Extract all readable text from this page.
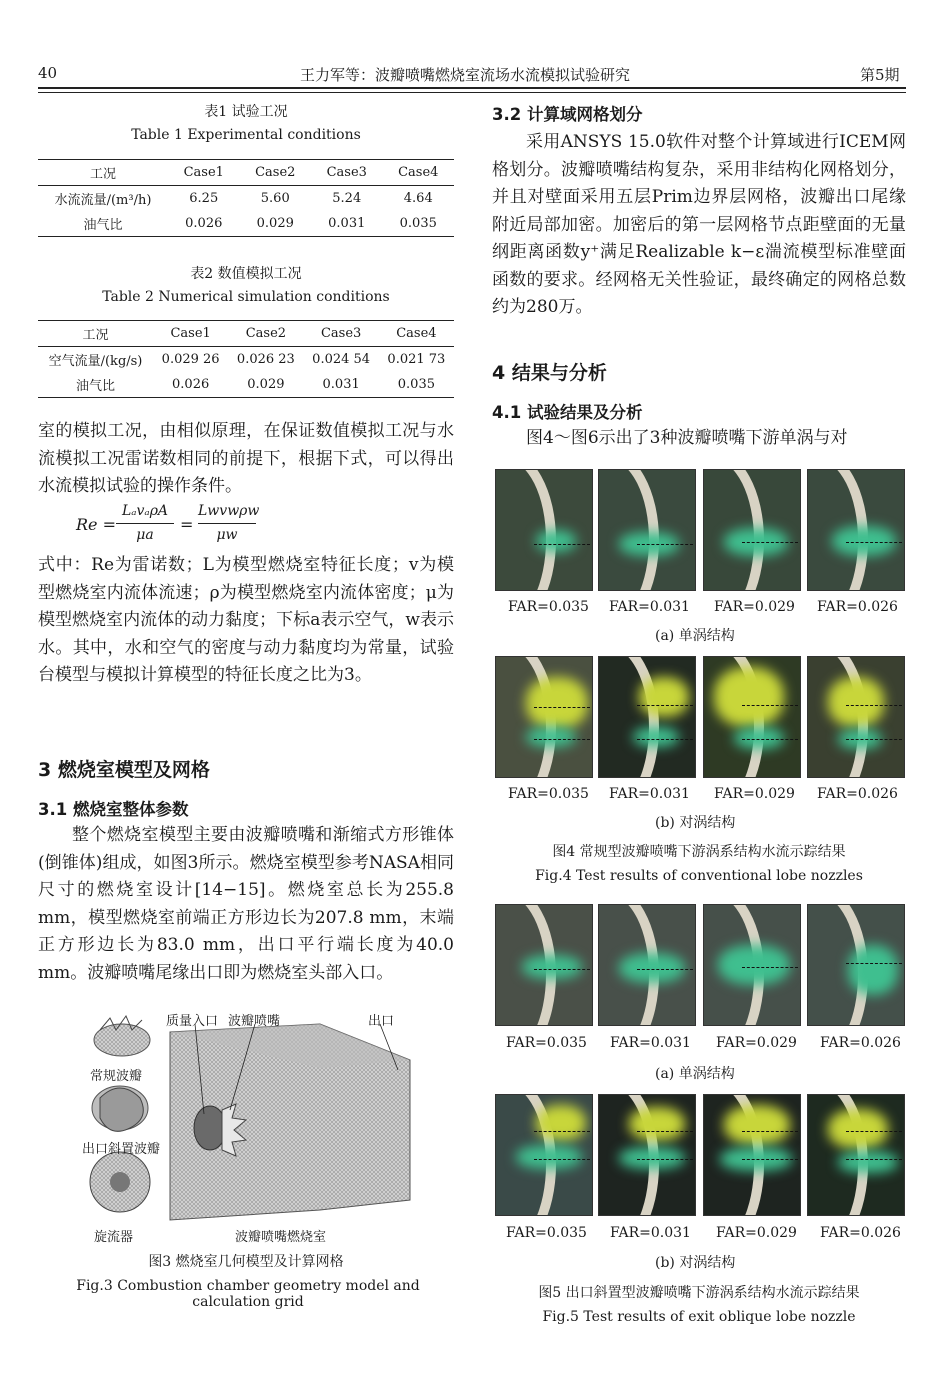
40	王力军等：波瓣喷嘴燃烧室流场水流模拟试验研究	第5期
表1 试验工况
Table 1 Experimental conditions
工况	Case1	Case2	Case3	Case4
水流流量/(m³/h)	6.25	5.60	5.24	4.64
油气比	0.026	0.029	0.031	0.035
表2 数值模拟工况
Table 2 Numerical simulation conditions
工况	Case1	Case2	Case3	Case4
空气流量/(kg/s)	0.029 26	0.026 23	0.024 54	0.021 73
油气比	0.026	0.029	0.031	0.035
室的模拟工况，由相似原理，在保证数值模拟工况与水流模拟工况雷诺数相同的前提下，根据下式，可以得出水流模拟试验的操作条件。
Re =
LₐvₐρA
μa
=
Lwvwρw
μw
式中：Re为雷诺数；L为模型燃烧室特征长度；v为模型燃烧室内流体流速；ρ为模型燃烧室内流体密度；μ为模型燃烧室内流体的动力黏度；下标a表示空气，w表示水。其中，水和空气的密度与动力黏度均为常量，试验台模型与模拟计算模型的特征长度之比为3。
3 燃烧室模型及网格
3.1 燃烧室整体参数
整个燃烧室模型主要由波瓣喷嘴和渐缩式方形锥体(倒锥体)组成，如图3所示。燃烧室模型参考NASA相同尺寸的燃烧室设计[14−15]。燃烧室总长为255.8 mm，模型燃烧室前端正方形边长为207.8 mm，末端正方形边长为83.0 mm，出口平行端长度为40.0 mm。波瓣喷嘴尾缘出口即为燃烧室头部入口。
质量入口 波瓣喷嘴	出口
常规波瓣
出口斜置波瓣
旋流器	波瓣喷嘴燃烧室
图3 燃烧室几何模型及计算网格
Fig.3 Combustion chamber geometry model and calculation grid
3.2 计算域网格划分
采用ANSYS 15.0软件对整个计算域进行ICEM网格划分。波瓣喷嘴结构复杂，采用非结构化网格划分，并且对壁面采用五层Prim边界层网格，波瓣出口尾缘附近局部加密。加密后的第一层网格节点距壁面的无量纲距离函数y⁺满足Realizable k−ε湍流模型标准壁面函数的要求。经网格无关性验证，最终确定的网格总数约为280万。
4 结果与分析
4.1 试验结果及分析
图4～图6示出了3种波瓣喷嘴下游单涡与对
FAR=0.035 FAR=0.031 FAR=0.029 FAR=0.026
(a) 单涡结构
FAR=0.035 FAR=0.031 FAR=0.029 FAR=0.026
(b) 对涡结构
图4 常规型波瓣喷嘴下游涡系结构水流示踪结果
Fig.4 Test results of conventional lobe nozzles
FAR=0.035 FAR=0.031 FAR=0.029 FAR=0.026
(a) 单涡结构
FAR=0.035 FAR=0.031 FAR=0.029 FAR=0.026
(b) 对涡结构
图5 出口斜置型波瓣喷嘴下游涡系结构水流示踪结果
Fig.5 Test results of exit oblique lobe nozzle
